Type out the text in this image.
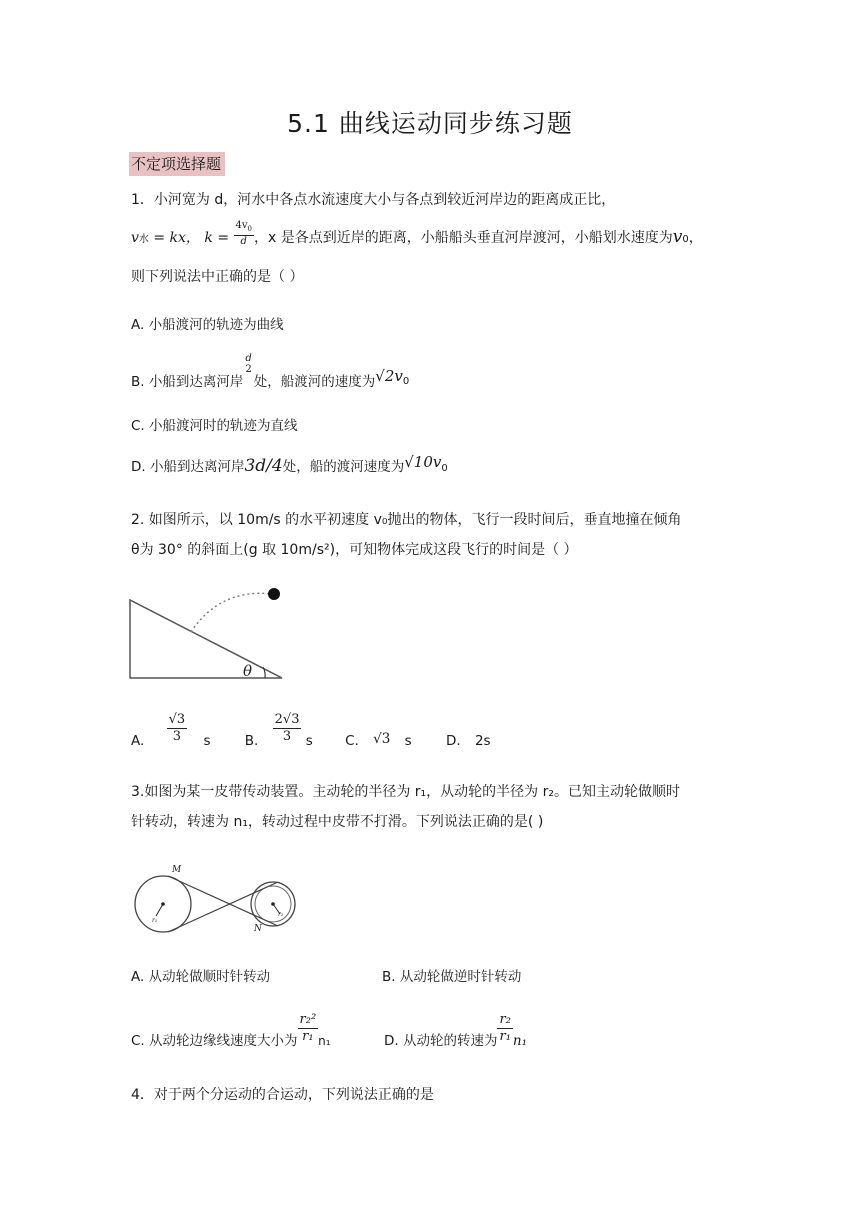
5.1 曲线运动同步练习题
不定项选择题
1．小河宽为 d，河水中各点水流速度大小与各点到较近河岸边的距离成正比，
v水 = kx， $k = \frac{4v_0}{d}$ ，x 是各点到近岸的距离，小船船头垂直河岸渡河，小船划水速度为v0，
则下列说法中正确的是（ ）
A. 小船渡河的轨迹为曲线
B. 小船到达离河岸
d
2
处，船渡河的速度为$√2v_0$
C. 小船渡河时的轨迹为直线
D. 小船到达离河岸3d/4处，船的渡河速度为√10v0
2. 如图所示，以 10m/s 的水平初速度 v₀抛出的物体，飞行一段时间后，垂直地撞在倾角
θ为 30° 的斜面上(g 取 10m/s²)，可知物体完成这段飞行的时间是（ ）
θ
A. $\frac{√3}{3}$ s	B. $\frac{2√3}{3}$ s C. √3 s	D. 2s
3.如图为某一皮带传动装置。主动轮的半径为 r₁，从动轮的半径为 r₂。已知主动轮做顺时
针转动，转速为 n₁，转动过程中皮带不打滑。下列说法正确的是( )
M
N
r₁
r₂
A. 从动轮做顺时针转动	B. 从动轮做逆时针转动
C. 从动轮边缘线速度大小为 $\frac{\text{r₂²}}{\text{r₁}} n_1$	D. 从动轮的转速为 $\frac{\text{r₂}}{\text{r₁}} n_1$
4．对于两个分运动的合运动，下列说法正确的是
